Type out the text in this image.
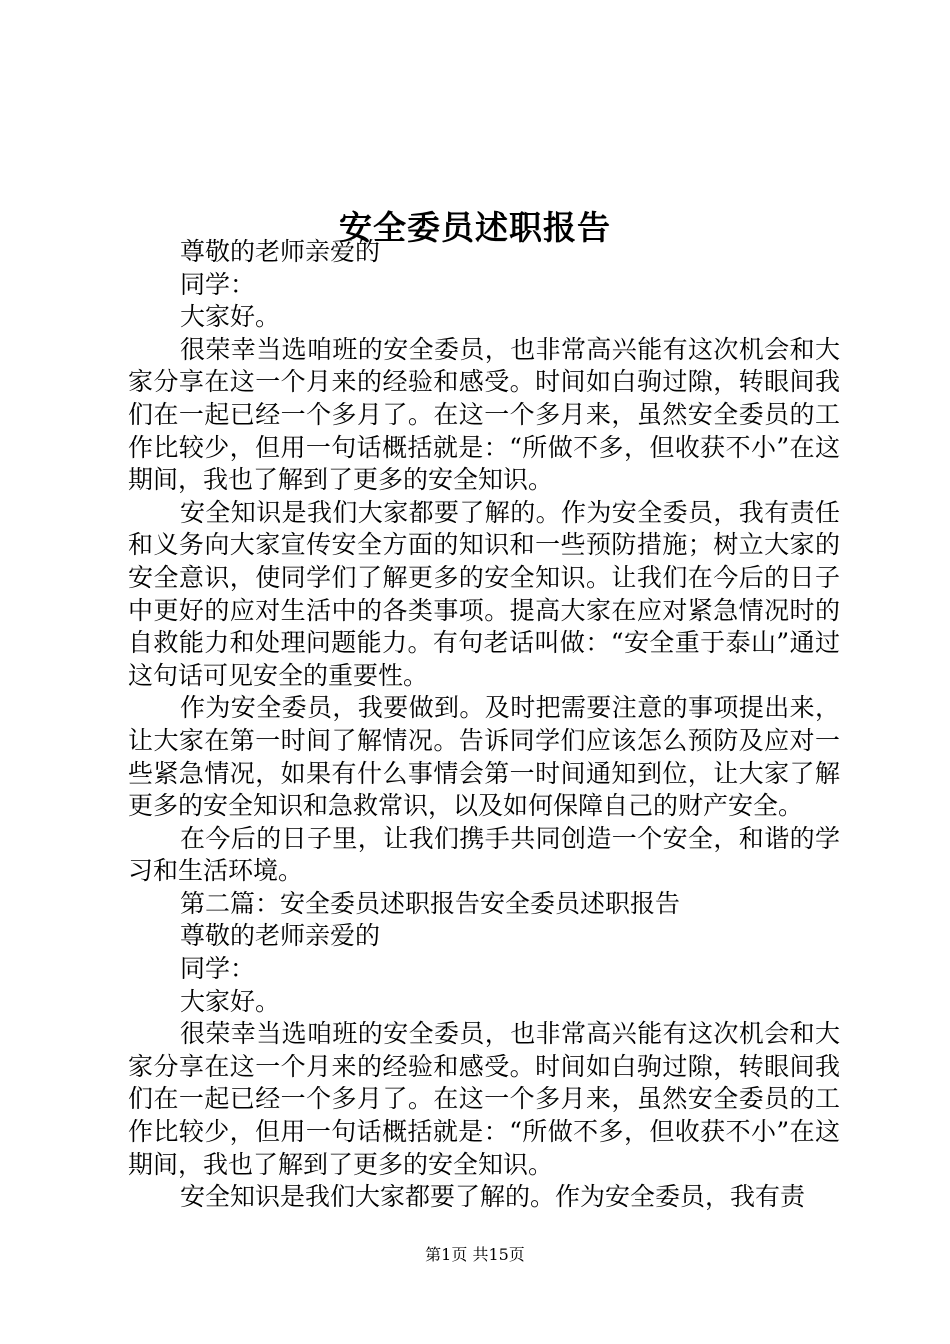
安全委员述职报告

尊敬的老师亲爱的

同学：

大家好。

很荣幸当选咱班的安全委员，也非常高兴能有这次机会和大家分享在这一个月来的经验和感受。时间如白驹过隙，转眼间我们在一起已经一个多月了。在这一个多月来，虽然安全委员的工作比较少，但用一句话概括就是：“所做不多，但收获不小”在这期间，我也了解到了更多的安全知识。

安全知识是我们大家都要了解的。作为安全委员，我有责任和义务向大家宣传安全方面的知识和一些预防措施；树立大家的安全意识，使同学们了解更多的安全知识。让我们在今后的日子中更好的应对生活中的各类事项。提高大家在应对紧急情况时的自救能力和处理问题能力。有句老话叫做：“安全重于泰山”通过这句话可见安全的重要性。

作为安全委员，我要做到。及时把需要注意的事项提出来，让大家在第一时间了解情况。告诉同学们应该怎么预防及应对一些紧急情况，如果有什么事情会第一时间通知到位，让大家了解更多的安全知识和急救常识，以及如何保障自己的财产安全。

在今后的日子里，让我们携手共同创造一个安全，和谐的学习和生活环境。

第二篇：安全委员述职报告安全委员述职报告

尊敬的老师亲爱的

同学：

大家好。

很荣幸当选咱班的安全委员，也非常高兴能有这次机会和大家分享在这一个月来的经验和感受。时间如白驹过隙，转眼间我们在一起已经一个多月了。在这一个多月来，虽然安全委员的工作比较少，但用一句话概括就是：“所做不多，但收获不小”在这期间，我也了解到了更多的安全知识。

安全知识是我们大家都要了解的。作为安全委员，我有责

第1页 共15页
